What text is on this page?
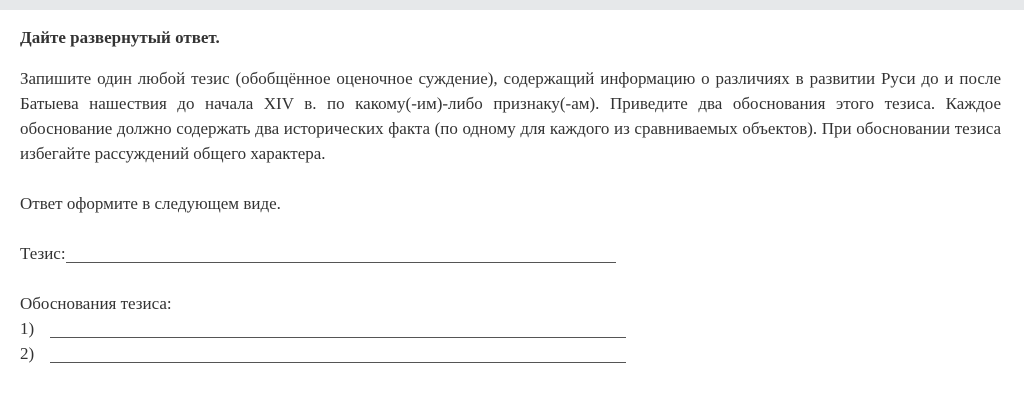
Дайте развернутый ответ.

Запишите один любой тезис (обобщённое оценочное суждение), содержащий информацию о различиях в развитии Руси до и после Батыева нашествия до начала XIV в. по какому(-им)-либо признаку(-ам). Приведите два обоснования этого тезиса. Каждое обоснование должно содержать два исторических факта (по одному для каждого из сравниваемых объектов). При обосновании тезиса избегайте рассуждений общего характера.

Ответ оформите в следующем виде.

Тезис:
Обоснования тезиса:
1)
2)
